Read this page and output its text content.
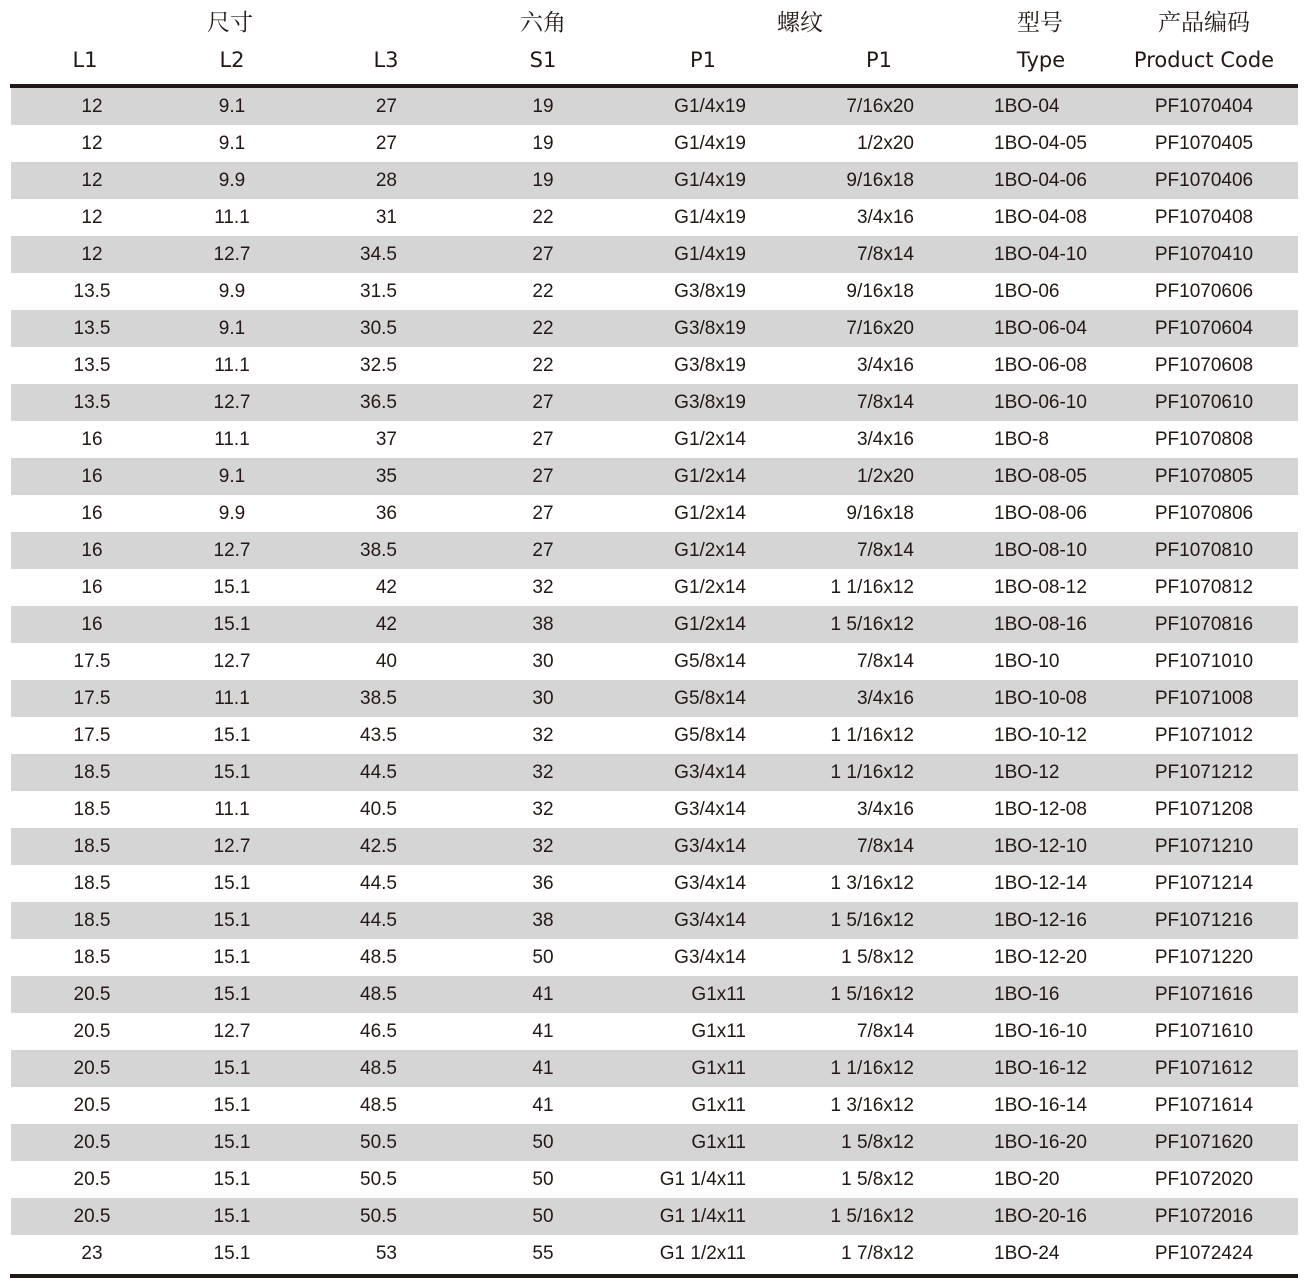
尺寸	六角	螺纹	型号	产品编码
L1	L2	L3	S1	P1	P1	Type	Product Code
12	9.1	27	19	G1/4x19	7/16x20	1BO-04	PF1070404
12	9.1	27	19	G1/4x19	1/2x20	1BO-04-05	PF1070405
12	9.9	28	19	G1/4x19	9/16x18	1BO-04-06	PF1070406
12	11.1	31	22	G1/4x19	3/4x16	1BO-04-08	PF1070408
12	12.7	34.5	27	G1/4x19	7/8x14	1BO-04-10	PF1070410
13.5	9.9	31.5	22	G3/8x19	9/16x18	1BO-06	PF1070606
13.5	9.1	30.5	22	G3/8x19	7/16x20	1BO-06-04	PF1070604
13.5	11.1	32.5	22	G3/8x19	3/4x16	1BO-06-08	PF1070608
13.5	12.7	36.5	27	G3/8x19	7/8x14	1BO-06-10	PF1070610
16	11.1	37	27	G1/2x14	3/4x16	1BO-8	PF1070808
16	9.1	35	27	G1/2x14	1/2x20	1BO-08-05	PF1070805
16	9.9	36	27	G1/2x14	9/16x18	1BO-08-06	PF1070806
16	12.7	38.5	27	G1/2x14	7/8x14	1BO-08-10	PF1070810
16	15.1	42	32	G1/2x14	1 1/16x12	1BO-08-12	PF1070812
16	15.1	42	38	G1/2x14	1 5/16x12	1BO-08-16	PF1070816
17.5	12.7	40	30	G5/8x14	7/8x14	1BO-10	PF1071010
17.5	11.1	38.5	30	G5/8x14	3/4x16	1BO-10-08	PF1071008
17.5	15.1	43.5	32	G5/8x14	1 1/16x12	1BO-10-12	PF1071012
18.5	15.1	44.5	32	G3/4x14	1 1/16x12	1BO-12	PF1071212
18.5	11.1	40.5	32	G3/4x14	3/4x16	1BO-12-08	PF1071208
18.5	12.7	42.5	32	G3/4x14	7/8x14	1BO-12-10	PF1071210
18.5	15.1	44.5	36	G3/4x14	1 3/16x12	1BO-12-14	PF1071214
18.5	15.1	44.5	38	G3/4x14	1 5/16x12	1BO-12-16	PF1071216
18.5	15.1	48.5	50	G3/4x14	1 5/8x12	1BO-12-20	PF1071220
20.5	15.1	48.5	41	G1x11	1 5/16x12	1BO-16	PF1071616
20.5	12.7	46.5	41	G1x11	7/8x14	1BO-16-10	PF1071610
20.5	15.1	48.5	41	G1x11	1 1/16x12	1BO-16-12	PF1071612
20.5	15.1	48.5	41	G1x11	1 3/16x12	1BO-16-14	PF1071614
20.5	15.1	50.5	50	G1x11	1 5/8x12	1BO-16-20	PF1071620
20.5	15.1	50.5	50	G1 1/4x11	1 5/8x12	1BO-20	PF1072020
20.5	15.1	50.5	50	G1 1/4x11	1 5/16x12	1BO-20-16	PF1072016
23	15.1	53	55	G1 1/2x11	1 7/8x12	1BO-24	PF1072424
